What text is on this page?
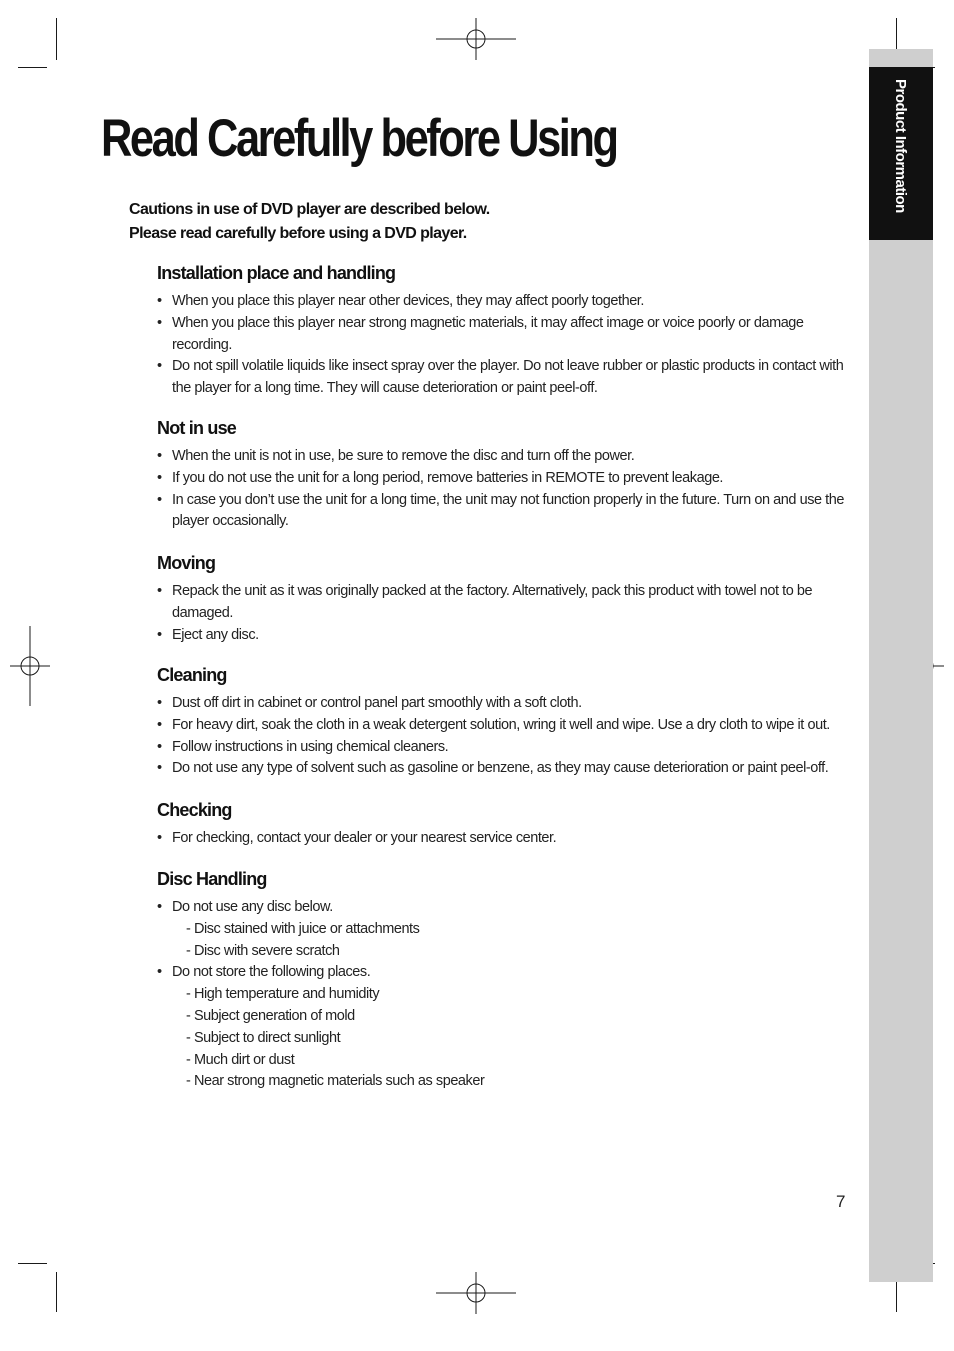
Product Information
Read Carefully before Using
Cautions in use of DVD player are described below.
Please read carefully before using a DVD player.
Installation place and handling
• When you place this player near other devices, they may affect poorly together.
• When you place this player near strong magnetic materials, it may affect image or voice poorly or damage recording.
• Do not spill volatile liquids like insect spray over the player. Do not leave rubber or plastic products in contact with the player for a long time. They will cause deterioration or paint peel-off.
Not in use
• When the unit is not in use, be sure to remove the disc and turn off the power.
• If you do not use the unit for a long period, remove batteries in REMOTE to prevent leakage.
• In case you don’t use the unit for a long time, the unit may not function properly in the future. Turn on and use the player occasionally.
Moving
• Repack the unit as it was originally packed at the factory. Alternatively, pack this product with towel not to be damaged.
• Eject any disc.
Cleaning
• Dust off dirt in cabinet or control panel part smoothly with a soft cloth.
• For heavy dirt, soak the cloth in a weak detergent solution, wring it well and wipe. Use a dry cloth to wipe it out.
• Follow instructions in using chemical cleaners.
• Do not use any type of solvent such as gasoline or benzene, as they may cause deterioration or paint peel-off.
Checking
• For checking, contact your dealer or your nearest service center.
Disc Handling
• Do not use any disc below.
- Disc stained with juice or attachments
- Disc with severe scratch
• Do not store the following places.
- High temperature and humidity
- Subject generation of mold
- Subject to direct sunlight
- Much dirt or dust
- Near strong magnetic materials such as speaker
7
